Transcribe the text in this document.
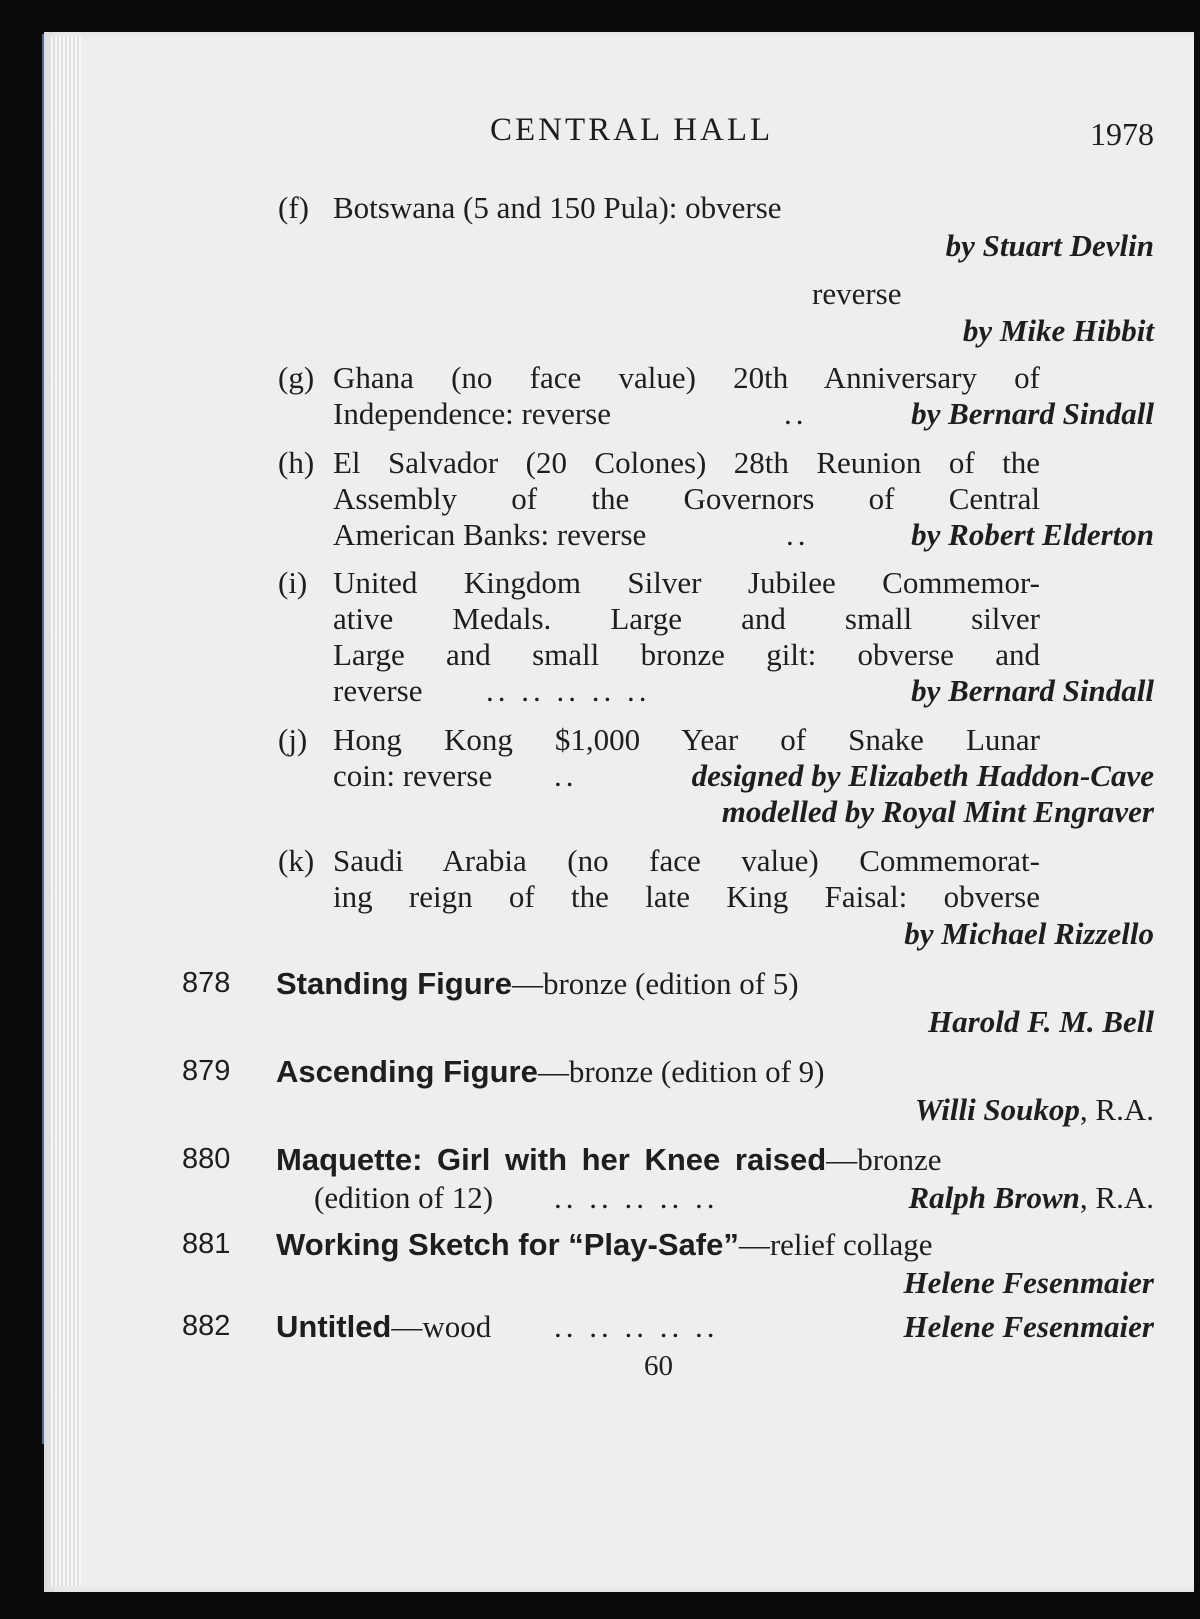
CENTRAL HALL	1978
(f) Botswana (5 and 150 Pula): obverse
by Stuart Devlin
reverse
by Mike Hibbit
(g) Ghana (no face value) 20th Anniversary of
Independence: reverse	..	by Bernard Sindall
(h) El Salvador (20 Colones) 28th Reunion of the
Assembly of the Governors of Central
American Banks: reverse	..	by Robert Elderton
(i) United Kingdom Silver Jubilee Commemor-
ative Medals. Large and small silver
Large and small bronze gilt: obverse and
reverse .. .. .. .. ..	by Bernard Sindall
(j) Hong Kong $1,000 Year of Snake Lunar
coin: reverse ..	designed by Elizabeth Haddon-Cave
modelled by Royal Mint Engraver
(k) Saudi Arabia (no face value) Commemorat-
ing reign of the late King Faisal: obverse
by Michael Rizzello
878 Standing Figure—bronze (edition of 5)
Harold F. M. Bell
879 Ascending Figure—bronze (edition of 9)
Willi Soukop, R.A.
880 Maquette: Girl with her Knee raised—bronze
(edition of 12) .. .. .. .. ..	Ralph Brown, R.A.
881 Working Sketch for “Play-Safe”—relief collage
Helene Fesenmaier
882 Untitled—wood .. .. .. .. ..	Helene Fesenmaier
60
